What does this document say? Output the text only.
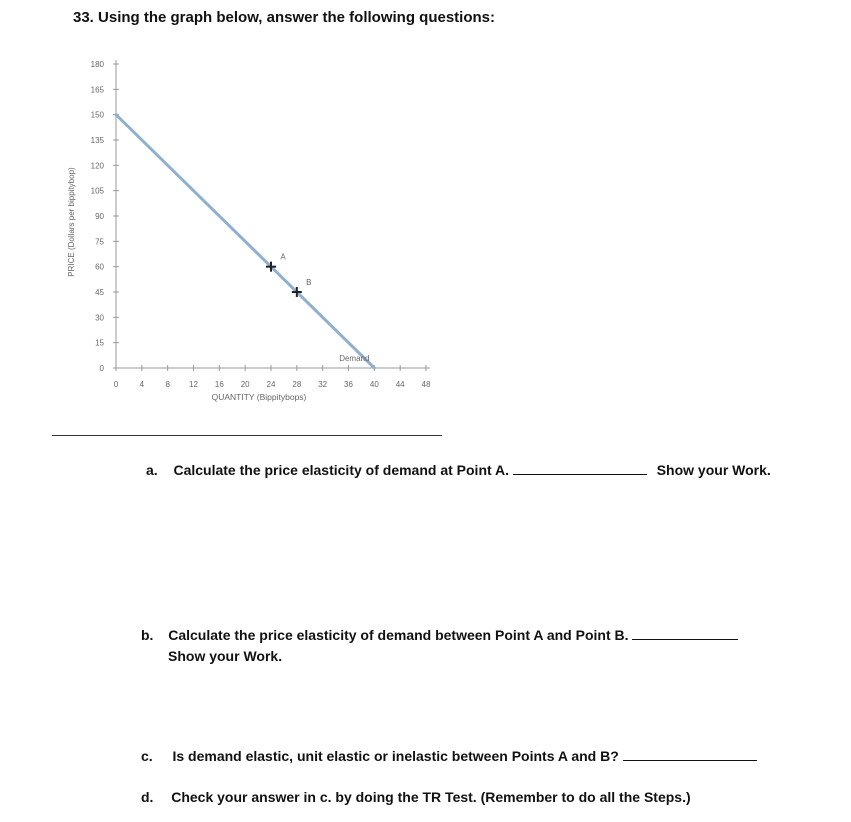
33. Using the graph below, answer the following questions:
0
15
30
45
60
75
90
105
120
135
150
165
180
0	4	8 12 16 20 24 28 32 36 40 44 48
QUANTITY (Bippitybops)
PRICE (Dollars per bippitybop)
Demand
A
B
a. Calculate the price elasticity of demand at Point A.	Show your Work.
b. Calculate the price elasticity of demand between Point A and Point B.
Show your Work.
c. Is demand elastic, unit elastic or inelastic between Points A and B?
d. Check your answer in c. by doing the TR Test. (Remember to do all the Steps.)
